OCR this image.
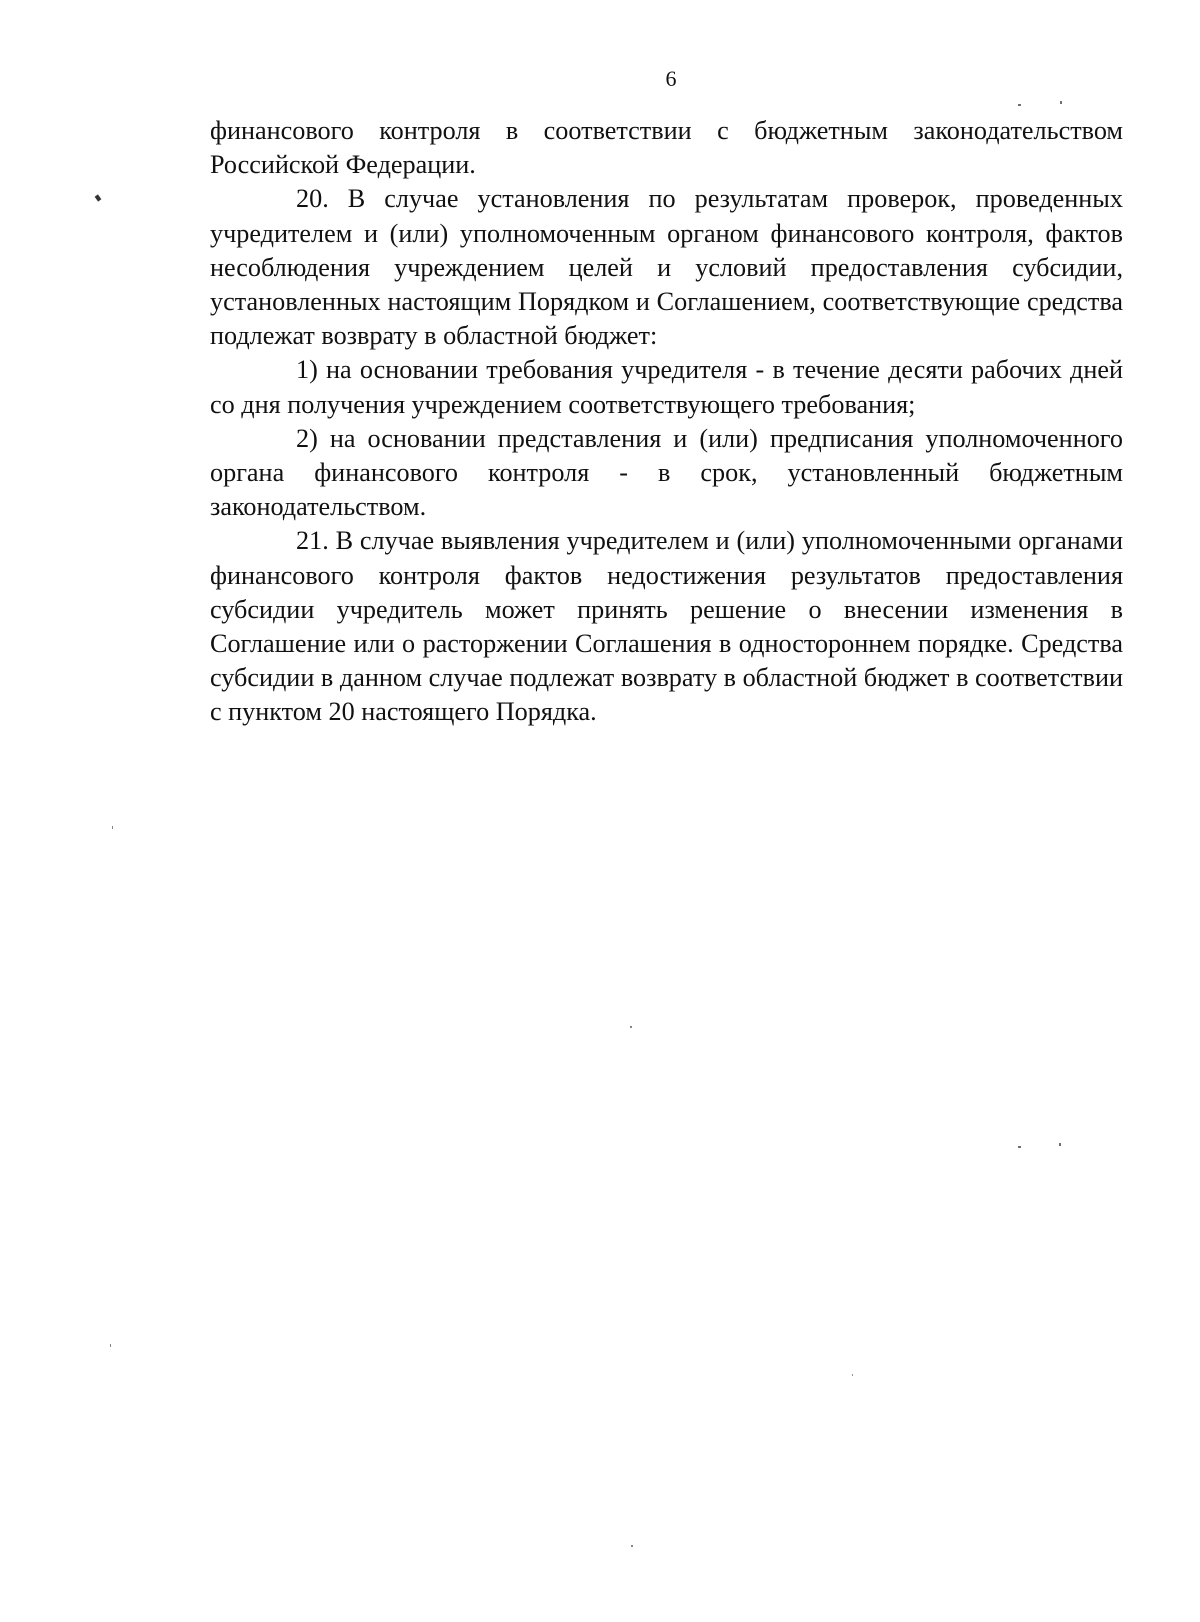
6

финансового контроля в соответствии с бюджетным законодательством Российской Федерации.

20. В случае установления по результатам проверок, проведенных учредителем и (или) уполномоченным органом финансового контроля, фактов несоблюдения учреждением целей и условий предоставления субсидии, установленных настоящим Порядком и Соглашением, соответствующие средства подлежат возврату в областной бюджет:

1) на основании требования учредителя - в течение десяти рабочих дней со дня получения учреждением соответствующего требования;

2) на основании представления и (или) предписания уполномоченного органа финансового контроля - в срок, установленный бюджетным законодательством.

21. В случае выявления учредителем и (или) уполномоченными органами финансового контроля фактов недостижения результатов предоставления субсидии учредитель может принять решение о внесении изменения в Соглашение или о расторжении Соглашения в одностороннем порядке. Средства субсидии в данном случае подлежат возврату в областной бюджет в соответствии с пунктом 20 настоящего Порядка.
